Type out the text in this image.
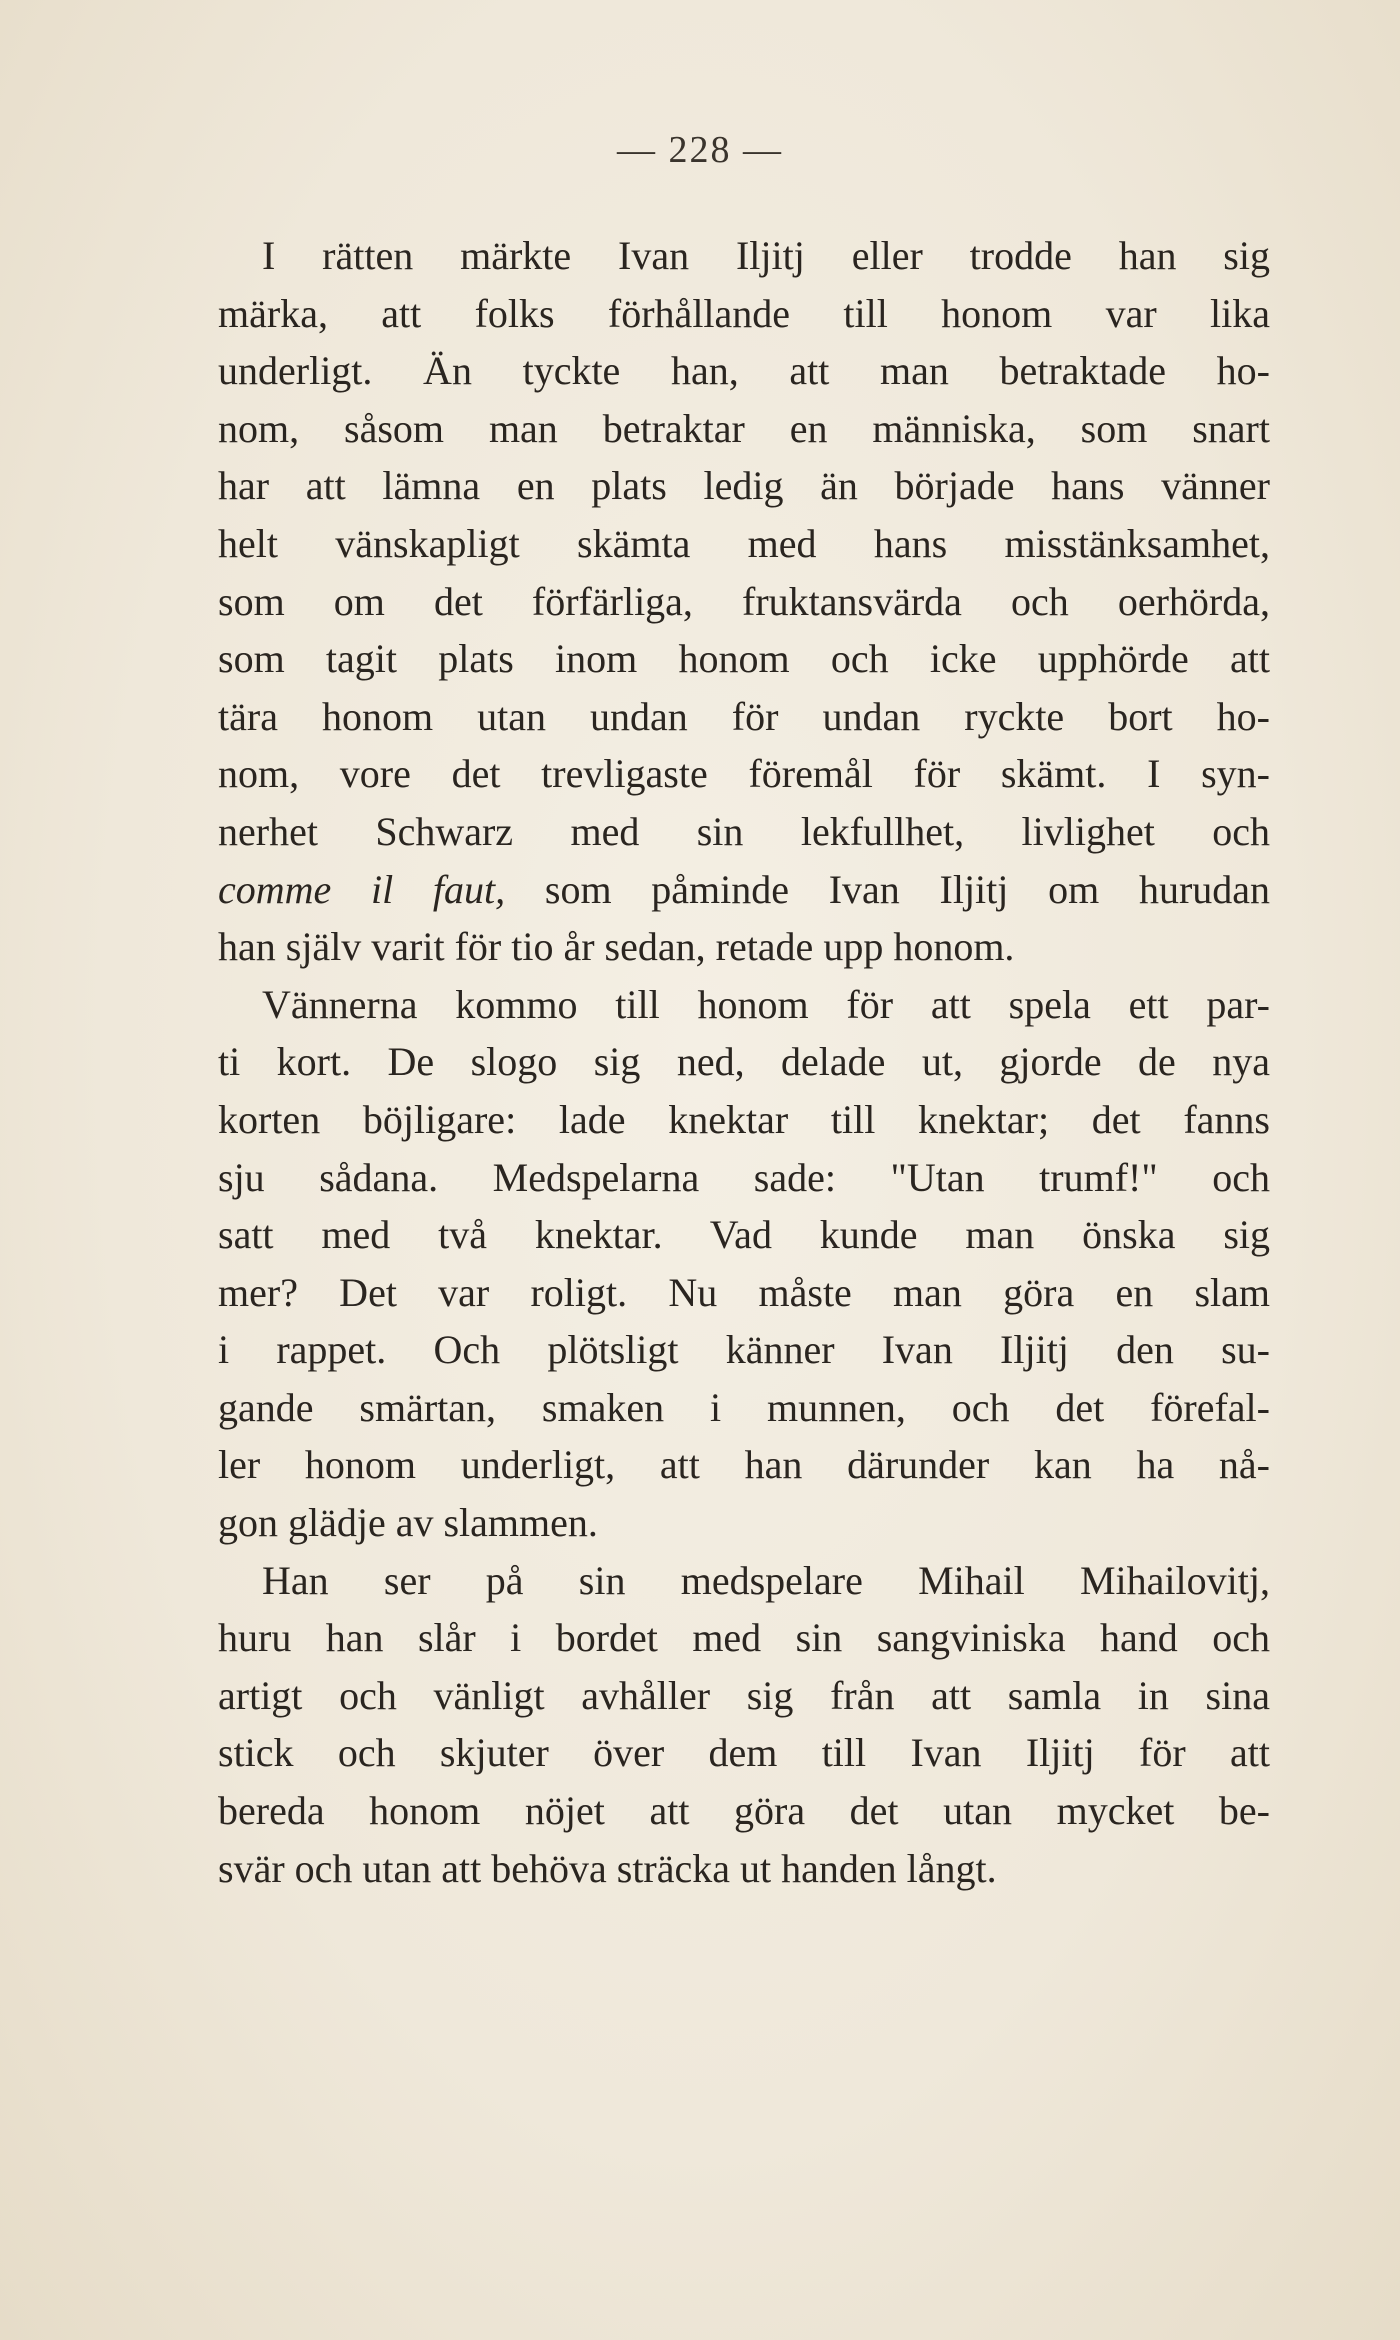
— 228 —
I rätten märkte Ivan Iljitj eller trodde han sig
märka, att folks förhållande till honom var lika
underligt. Än tyckte han, att man betraktade ho-
nom, såsom man betraktar en människa, som snart
har att lämna en plats ledig än började hans vänner
helt vänskapligt skämta med hans misstänksamhet,
som om det förfärliga, fruktansvärda och oerhörda,
som tagit plats inom honom och icke upphörde att
tära honom utan undan för undan ryckte bort ho-
nom, vore det trevligaste föremål för skämt. I syn-
nerhet Schwarz med sin lekfullhet, livlighet och
comme il faut, som påminde Ivan Iljitj om hurudan
han själv varit för tio år sedan, retade upp honom.
Vännerna kommo till honom för att spela ett par-
ti kort. De slogo sig ned, delade ut, gjorde de nya
korten böjligare: lade knektar till knektar; det fanns
sju sådana. Medspelarna sade: "Utan trumf!" och
satt med två knektar. Vad kunde man önska sig
mer? Det var roligt. Nu måste man göra en slam
i rappet. Och plötsligt känner Ivan Iljitj den su-
gande smärtan, smaken i munnen, och det förefal-
ler honom underligt, att han därunder kan ha nå-
gon glädje av slammen.
Han ser på sin medspelare Mihail Mihailovitj,
huru han slår i bordet med sin sangviniska hand och
artigt och vänligt avhåller sig från att samla in sina
stick och skjuter över dem till Ivan Iljitj för att
bereda honom nöjet att göra det utan mycket be-
svär och utan att behöva sträcka ut handen långt.
